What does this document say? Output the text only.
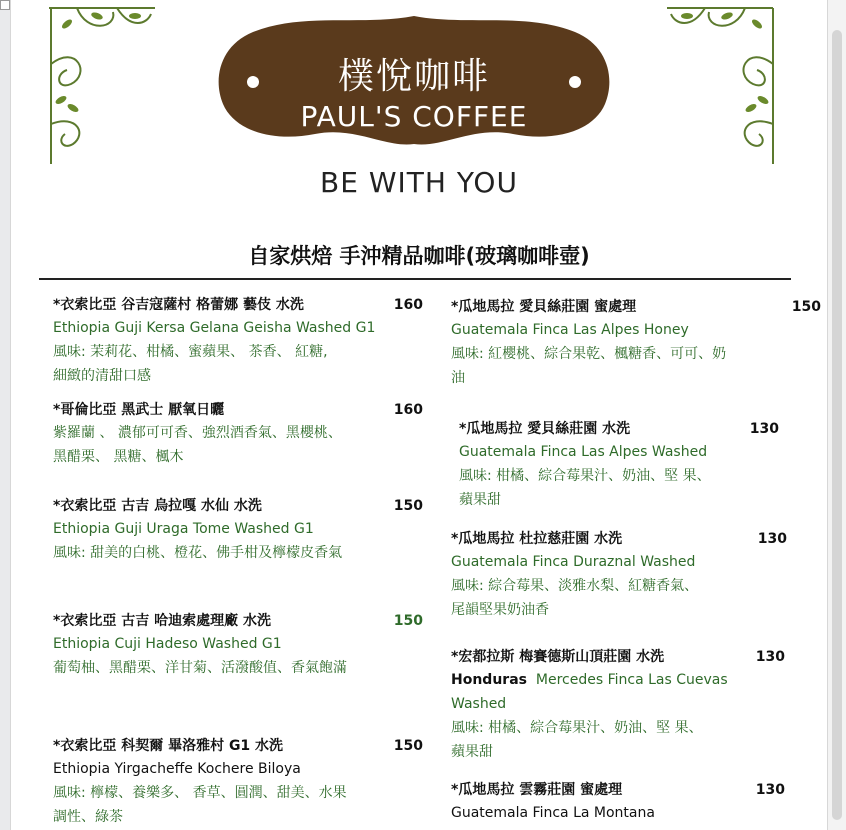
樸悅咖啡
PAUL'S COFFEE
BE WITH YOU
自家烘焙 手沖精品咖啡(玻璃咖啡壺)
*衣索比亞 谷吉寇薩村 格蕾娜 藝伎 水洗	160
Ethiopia Guji Kersa Gelana Geisha Washed G1
風味: 茉莉花、柑橘、蜜蘋果、 茶香、 紅糖,
細緻的清甜口感
*哥倫比亞 黑武士 厭氧日曬	160
紫羅蘭 、 濃郁可可香、強烈酒香氣、黑櫻桃、
黑醋栗、 黑糖、楓木
*衣索比亞 古吉 烏拉嘎 水仙 水洗	150
Ethiopia Guji Uraga Tome Washed G1
風味: 甜美的白桃、橙花、佛手柑及檸檬皮香氣
*衣索比亞 古吉 哈迪索處理廠 水洗	150
Ethiopia Cuji Hadeso Washed G1
葡萄柚、黑醋栗、洋甘菊、活潑酸值、香氣飽滿
*衣索比亞 科契爾 畢洛雅村 G1 水洗	150
Ethiopia Yirgacheffe Kochere Biloya
風味: 檸檬、養樂多、 香草、圓潤、甜美、水果
調性、綠茶
*瓜地馬拉 愛貝絲莊園 蜜處理	150
Guatemala Finca Las Alpes Honey
風味: 紅櫻桃、綜合果乾、楓糖香、可可、奶
油
*瓜地馬拉 愛貝絲莊園 水洗	130
Guatemala Finca Las Alpes Washed
風味: 柑橘、綜合莓果汁、奶油、堅 果、
蘋果甜
*瓜地馬拉 杜拉慈莊園 水洗	130
Guatemala Finca Duraznal Washed
風味: 綜合莓果、淡雅水梨、紅糖香氣、
尾韻堅果奶油香
*宏都拉斯 梅賽德斯山頂莊園 水洗	130
Honduras Mercedes Finca Las Cuevas Washed
風味: 柑橘、綜合莓果汁、奶油、堅 果、
蘋果甜
*瓜地馬拉 雲霧莊園 蜜處理	130
Guatemala Finca La Montana
